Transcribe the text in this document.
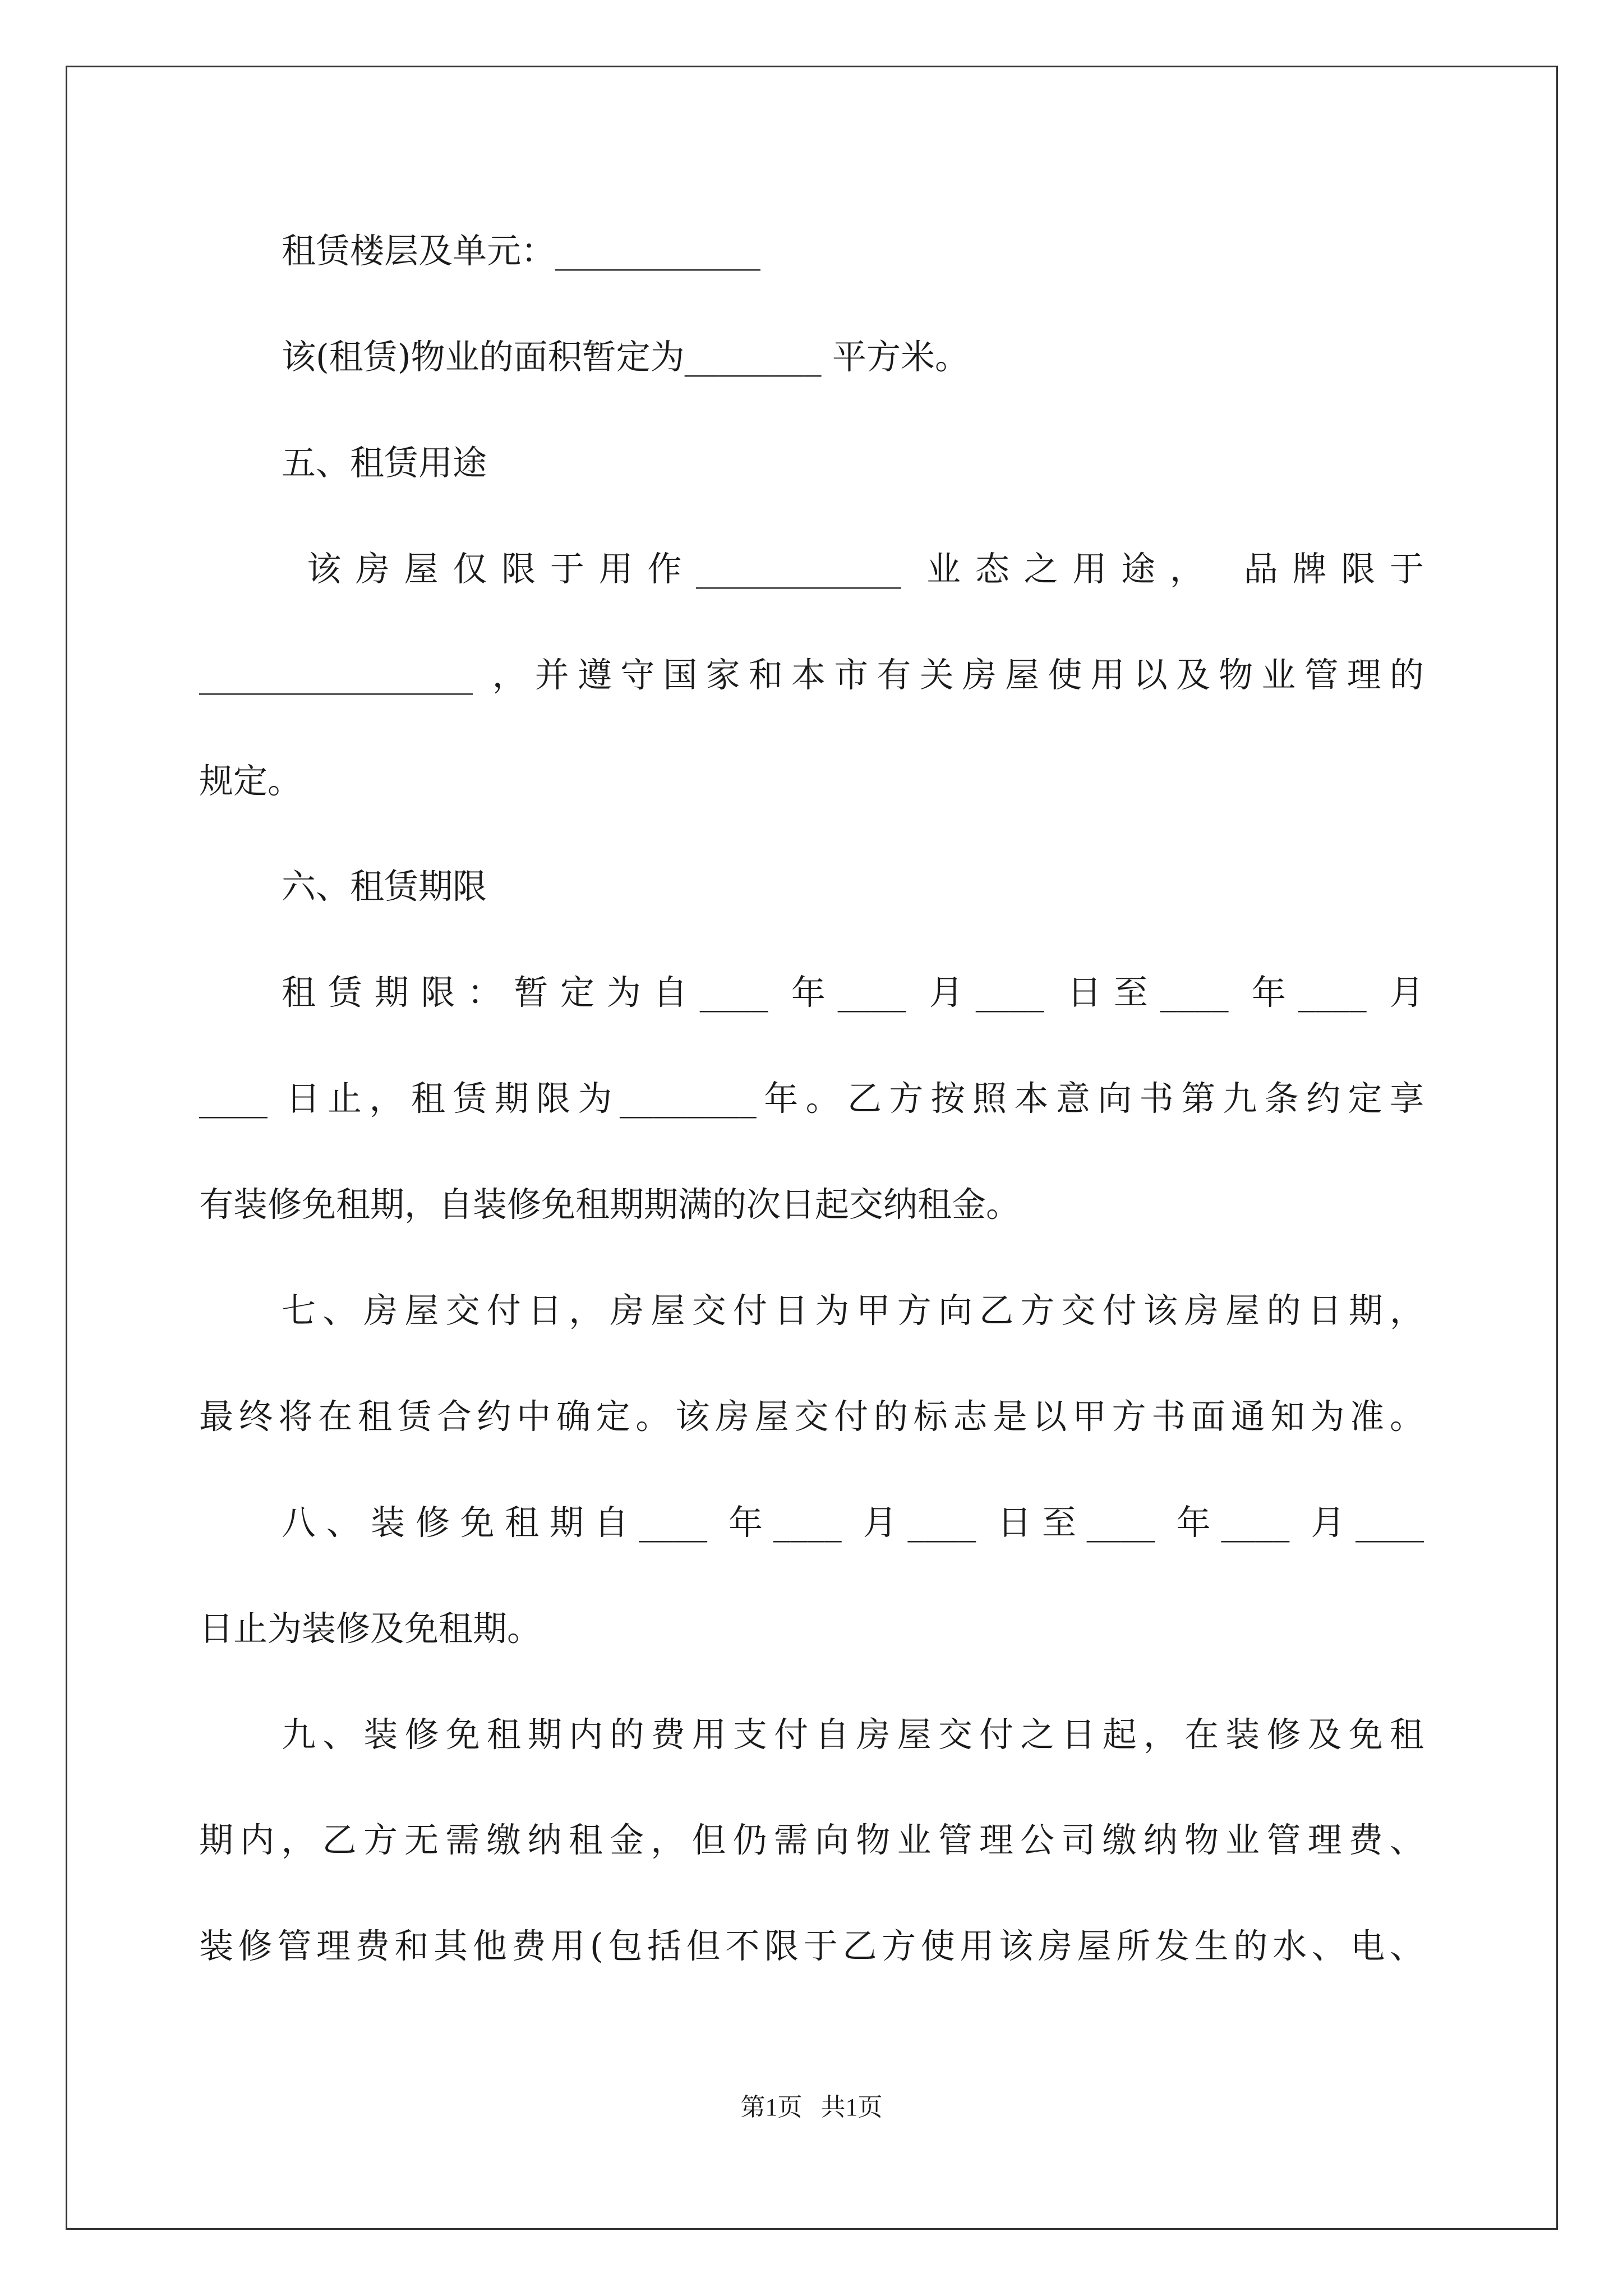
租赁楼层及单元：____________

该(租赁)物业的面积暂定为________ 平方米。

五、租赁用途

该房屋仅限于用作____________ 业态之用途， 品牌限于

________________ ，并遵守国家和本市有关房屋使用以及物业管理的

规定。

六、租赁期限

租赁期限：暂定为自____ 年____ 月____ 日至____ 年____ 月

____ 日止，租赁期限为________年。乙方按照本意向书第九条约定享

有装修免租期，自装修免租期期满的次日起交纳租金。

七、房屋交付日，房屋交付日为甲方向乙方交付该房屋的日期，

最终将在租赁合约中确定。该房屋交付的标志是以甲方书面通知为准。

八、装修免租期自____ 年____ 月____ 日至____ 年____ 月____

日止为装修及免租期。

九、装修免租期内的费用支付自房屋交付之日起，在装修及免租

期内，乙方无需缴纳租金，但仍需向物业管理公司缴纳物业管理费、

装修管理费和其他费用(包括但不限于乙方使用该房屋所发生的水、电、

第1页   共1页
